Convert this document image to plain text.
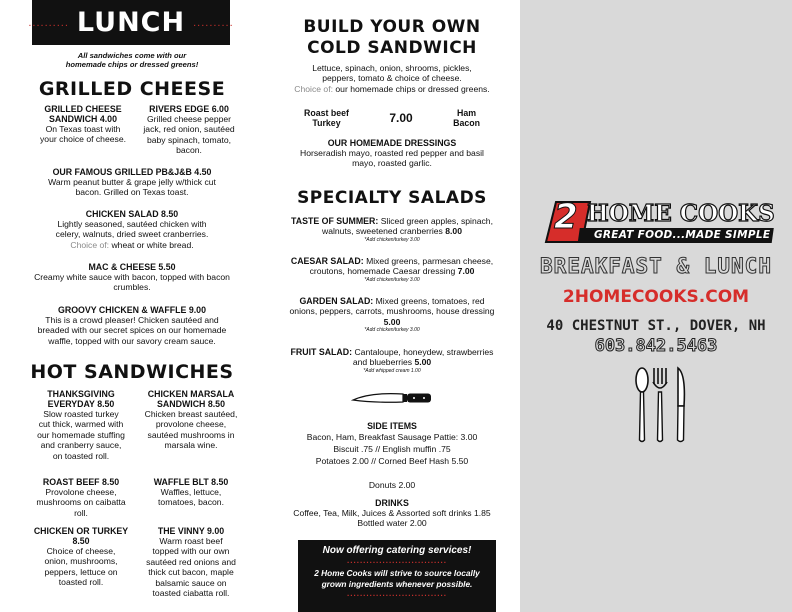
.......... LUNCH ..........
All sandwiches come with our
homemade chips or dressed greens!
GRILLED CHEESE
GRILLED CHEESE
SANDWICH 4.00
On Texas toast with
your choice of cheese.
RIVERS EDGE 6.00
Grilled cheese pepper
jack, red onion, sautéed
baby spinach, tomato,
bacon.
OUR FAMOUS GRILLED PB&J&B 4.50
Warm peanut butter & grape jelly w/thick cut
bacon. Grilled on Texas toast.
CHICKEN SALAD 8.50
Lightly seasoned, sautéed chicken with
celery, walnuts, dried sweet cranberries.
Choice of: wheat or white bread.
MAC & CHEESE 5.50
Creamy white sauce with bacon, topped with bacon
crumbles.
GROOVY CHICKEN & WAFFLE 9.00
This is a crowd pleaser! Chicken sautéed and
breaded with our secret spices on our homemade
waffle, topped with our savory cream sauce.
HOT SANDWICHES
THANKSGIVING
EVERYDAY 8.50
Slow roasted turkey
cut thick, warmed with
our homemade stuffing
and cranberry sauce,
on toasted roll.
CHICKEN MARSALA
SANDWICH 8.50
Chicken breast sautéed,
provolone cheese,
sautéed mushrooms in
marsala wine.
ROAST BEEF 8.50
Provolone cheese,
mushrooms on caibatta
roll.
WAFFLE BLT 8.50
Waffles, lettuce,
tomatoes, bacon.
CHICKEN OR TURKEY
8.50
Choice of cheese,
onion, mushrooms,
peppers, lettuce on
toasted roll.
THE VINNY 9.00
Warm roast beef
topped with our own
sautéed red onions and
thick cut bacon, maple
balsamic sauce on
toasted ciabatta roll.
BUILD YOUR OWN
COLD SANDWICH
Lettuce, spinach, onion, shrooms, pickles,
peppers, tomato & choice of cheese.
Choice of: our homemade chips or dressed greens.
Roast beef
Turkey	7.00	Ham
Bacon
OUR HOMEMADE DRESSINGS
Horseradish mayo, roasted red pepper and basil
mayo, roasted garlic.
SPECIALTY SALADS
TASTE OF SUMMER: Sliced green apples, spinach,
walnuts, sweetened cranberries 8.00
*Add chicken/turkey 3.00
CAESAR SALAD: Mixed greens, parmesan cheese,
croutons, homemade Caesar dressing 7.00
*Add chicken/turkey 3.00
GARDEN SALAD: Mixed greens, tomatoes, red
onions, peppers, carrots, mushrooms, house dressing
5.00
*Add chicken/turkey 3.00
FRUIT SALAD: Cantaloupe, honeydew, strawberries
and blueberries 5.00
*Add whipped cream 1.00
SIDE ITEMS
Bacon, Ham, Breakfast Sausage Pattie: 3.00
Biscuit .75 // English muffin .75
Potatoes 2.00 // Corned Beef Hash 5.50
Donuts 2.00
DRINKS
Coffee, Tea, Milk, Juices & Assorted soft drinks 1.85
Bottled water 2.00
Now offering catering services!
...............................
2 Home Cooks will strive to source locally
grown ingredients whenever possible.
...............................
2 HOME COOKS
GREAT FOOD...MADE SIMPLE
BREAKFAST & LUNCH
2HOMECOOKS.COM
40 CHESTNUT ST., DOVER, NH
603.842.5463
